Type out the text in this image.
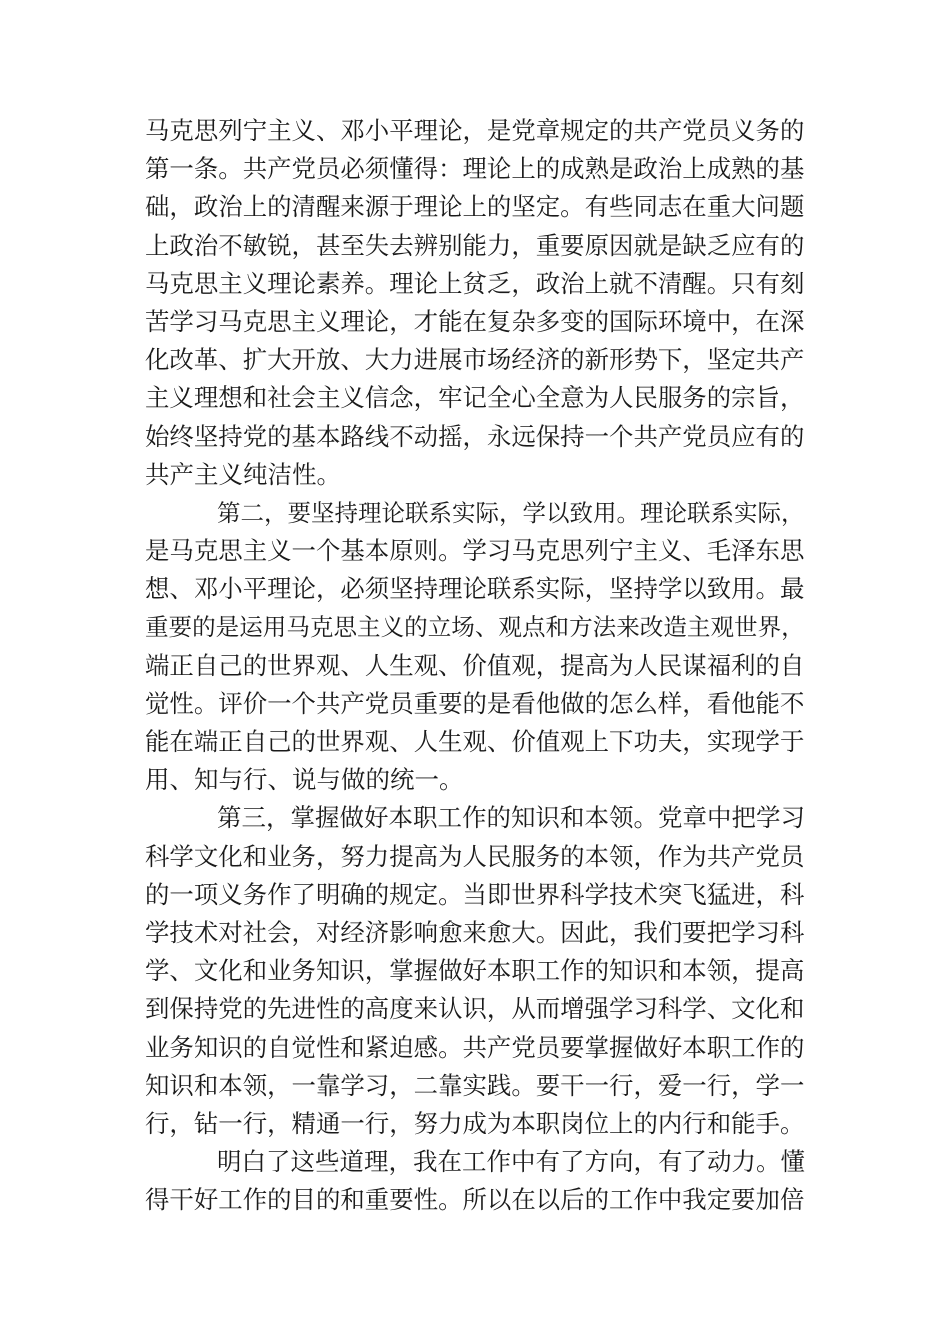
马克思列宁主义、邓小平理论，是党章规定的共产党员义务的
第一条。共产党员必须懂得：理论上的成熟是政治上成熟的基
础，政治上的清醒来源于理论上的坚定。有些同志在重大问题
上政治不敏锐，甚至失去辨别能力，重要原因就是缺乏应有的
马克思主义理论素养。理论上贫乏，政治上就不清醒。只有刻
苦学习马克思主义理论，才能在复杂多变的国际环境中，在深
化改革、扩大开放、大力进展市场经济的新形势下，坚定共产
主义理想和社会主义信念，牢记全心全意为人民服务的宗旨，
始终坚持党的基本路线不动摇，永远保持一个共产党员应有的
共产主义纯洁性。
第二，要坚持理论联系实际，学以致用。理论联系实际，
是马克思主义一个基本原则。学习马克思列宁主义、毛泽东思
想、邓小平理论，必须坚持理论联系实际，坚持学以致用。最
重要的是运用马克思主义的立场、观点和方法来改造主观世界，
端正自己的世界观、人生观、价值观，提高为人民谋福利的自
觉性。评价一个共产党员重要的是看他做的怎么样，看他能不
能在端正自己的世界观、人生观、价值观上下功夫，实现学于
用、知与行、说与做的统一。
第三，掌握做好本职工作的知识和本领。党章中把学习
科学文化和业务，努力提高为人民服务的本领，作为共产党员
的一项义务作了明确的规定。当即世界科学技术突飞猛进，科
学技术对社会，对经济影响愈来愈大。因此，我们要把学习科
学、文化和业务知识，掌握做好本职工作的知识和本领，提高
到保持党的先进性的高度来认识，从而增强学习科学、文化和
业务知识的自觉性和紧迫感。共产党员要掌握做好本职工作的
知识和本领，一靠学习，二靠实践。要干一行，爱一行，学一
行，钻一行，精通一行，努力成为本职岗位上的内行和能手。
明白了这些道理，我在工作中有了方向，有了动力。懂
得干好工作的目的和重要性。所以在以后的工作中我定要加倍
